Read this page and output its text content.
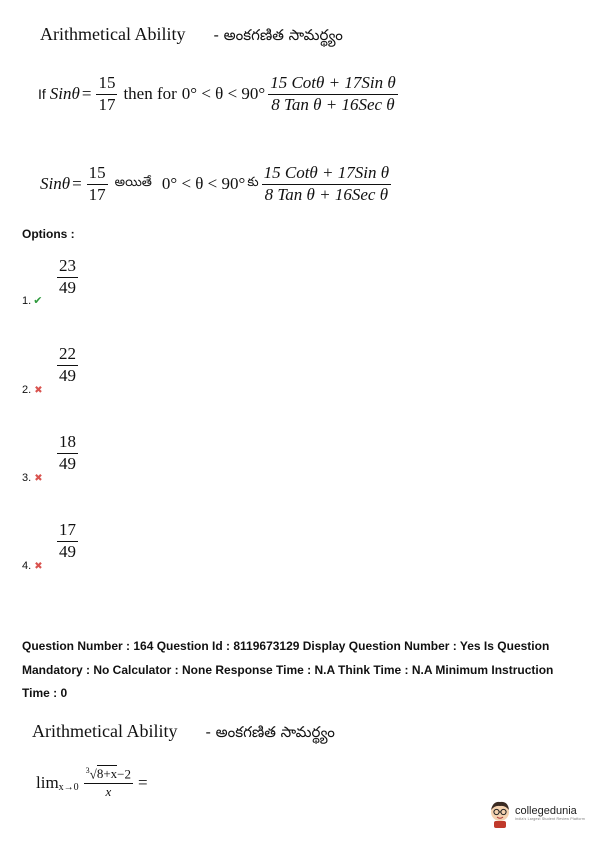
Arithmetical Ability - అంకగణిత సామర్థ్యం
If $Sin\theta = \frac{15}{17}$ then for $0^\circ < \theta < 90^\circ \frac{\text{15 Cotθ + 17Sin θ}}{\text{8 Tan θ + 16Sec θ}}$
$Sin\theta = \frac{15}{17}$ అయితే 0° < θ < 90° కు $\frac{\text{15 Cotθ + 17Sin θ}}{\text{8 Tan θ + 16Sec θ}}$
Options :
$\frac{23}{49}$
1. ✔
$\frac{22}{49}$
2. ✖
$\frac{18}{49}$
3. ✖
$\frac{17}{49}$
4. ✖
Question Number : 164 Question Id : 8119673129 Display Question Number : Yes Is Question Mandatory : No Calculator : None Response Time : N.A Think Time : N.A Minimum Instruction Time : 0
Arithmetical Ability - అంకగణిత సామర్థ్యం
$\lim x\to 0 \frac{^3√8+x-2}{x}$ =
collegedunia
India's Largest Student Review Platform
